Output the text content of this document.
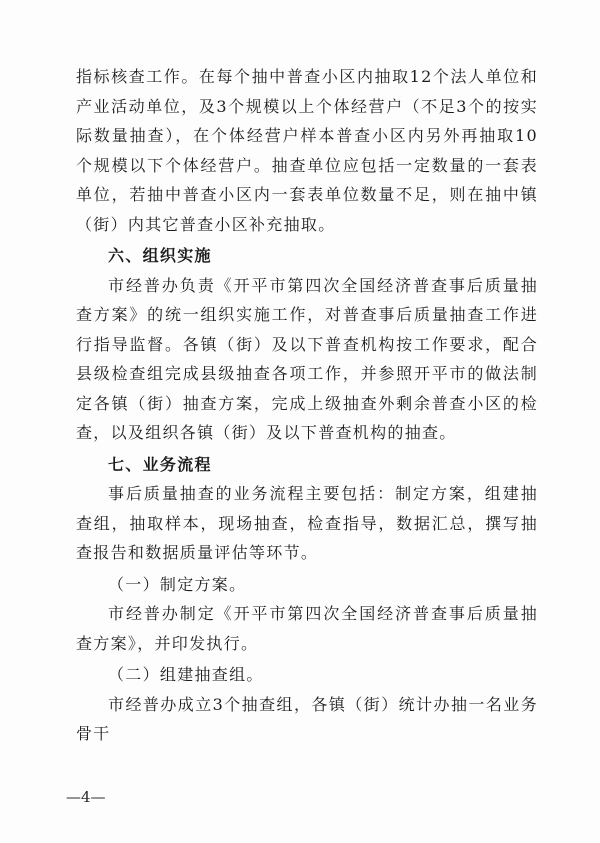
指标核查工作。在每个抽中普查小区内抽取12个法人单位和产业活动单位，及3个规模以上个体经营户（不足3个的按实际数量抽查），在个体经营户样本普查小区内另外再抽取10个规模以下个体经营户。抽查单位应包括一定数量的一套表单位，若抽中普查小区内一套表单位数量不足，则在抽中镇（街）内其它普查小区补充抽取。

六、组织实施

市经普办负责《开平市第四次全国经济普查事后质量抽查方案》的统一组织实施工作，对普查事后质量抽查工作进行指导监督。各镇（街）及以下普查机构按工作要求，配合县级检查组完成县级抽查各项工作，并参照开平市的做法制定各镇（街）抽查方案，完成上级抽查外剩余普查小区的检查，以及组织各镇（街）及以下普查机构的抽查。

七、业务流程

事后质量抽查的业务流程主要包括：制定方案，组建抽查组，抽取样本，现场抽查，检查指导，数据汇总，撰写抽查报告和数据质量评估等环节。

（一）制定方案。

市经普办制定《开平市第四次全国经济普查事后质量抽查方案》，并印发执行。

（二）组建抽查组。

市经普办成立3个抽查组，各镇（街）统计办抽一名业务骨干

—4—
